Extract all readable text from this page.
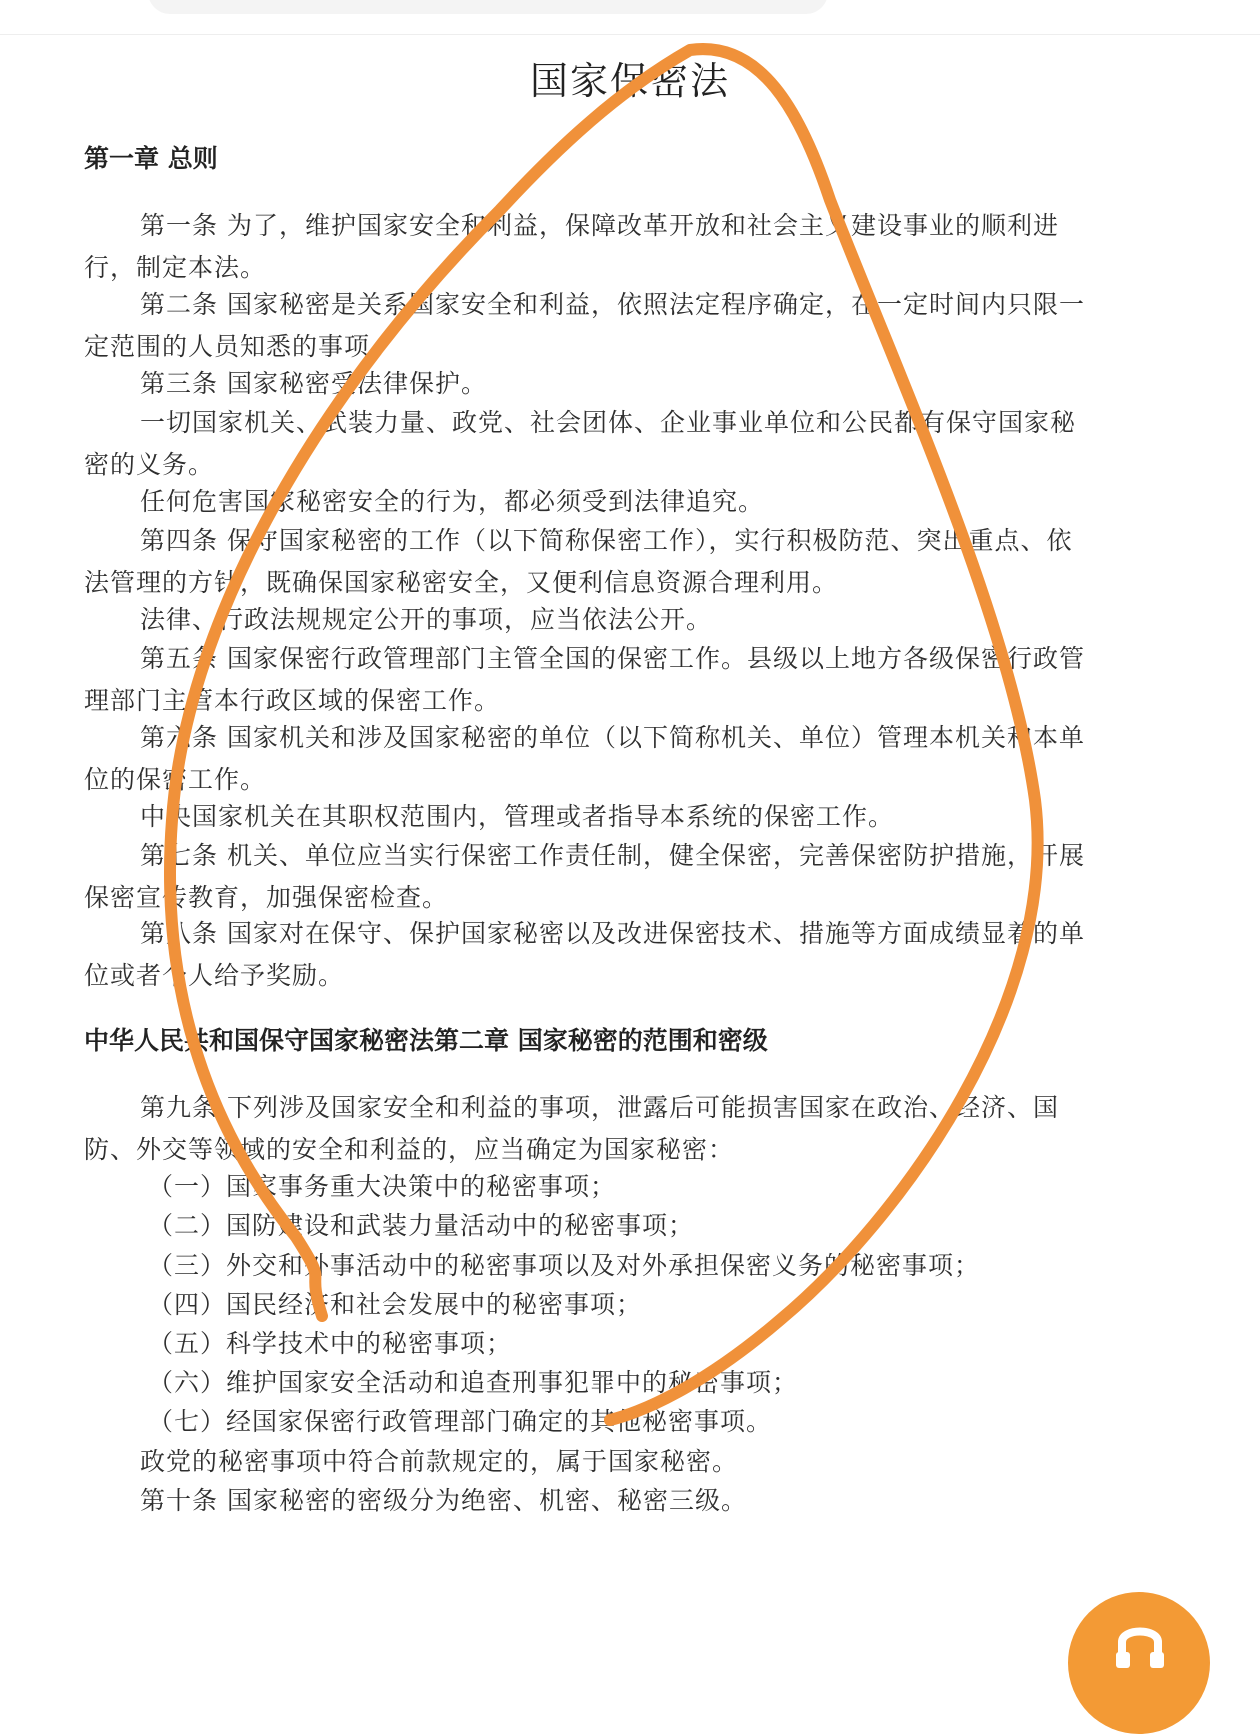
国家保密法
第一章 总则
第一条 为了，维护国家安全和利益，保障改革开放和社会主义建设事业的顺利进
行，制定本法。
第二条 国家秘密是关系国家安全和利益，依照法定程序确定，在一定时间内只限一
定范围的人员知悉的事项。
第三条 国家秘密受法律保护。
一切国家机关、武装力量、政党、社会团体、企业事业单位和公民都有保守国家秘
密的义务。
任何危害国家秘密安全的行为，都必须受到法律追究。
第四条 保守国家秘密的工作（以下简称保密工作），实行积极防范、突出重点、依
法管理的方针，既确保国家秘密安全，又便利信息资源合理利用。
法律、行政法规规定公开的事项，应当依法公开。
第五条 国家保密行政管理部门主管全国的保密工作。县级以上地方各级保密行政管
理部门主管本行政区域的保密工作。
第六条 国家机关和涉及国家秘密的单位（以下简称机关、单位）管理本机关和本单
位的保密工作。
中央国家机关在其职权范围内，管理或者指导本系统的保密工作。
第七条 机关、单位应当实行保密工作责任制，健全保密，完善保密防护措施，开展
保密宣传教育，加强保密检查。
第八条 国家对在保守、保护国家秘密以及改进保密技术、措施等方面成绩显着的单
位或者个人给予奖励。
中华人民共和国保守国家秘密法第二章 国家秘密的范围和密级
第九条 下列涉及国家安全和利益的事项，泄露后可能损害国家在政治、经济、国
防、外交等领域的安全和利益的，应当确定为国家秘密：
（一）国家事务重大决策中的秘密事项；
（二）国防建设和武装力量活动中的秘密事项；
（三）外交和外事活动中的秘密事项以及对外承担保密义务的秘密事项；
（四）国民经济和社会发展中的秘密事项；
（五）科学技术中的秘密事项；
（六）维护国家安全活动和追查刑事犯罪中的秘密事项；
（七）经国家保密行政管理部门确定的其他秘密事项。
政党的秘密事项中符合前款规定的，属于国家秘密。
第十条 国家秘密的密级分为绝密、机密、秘密三级。
